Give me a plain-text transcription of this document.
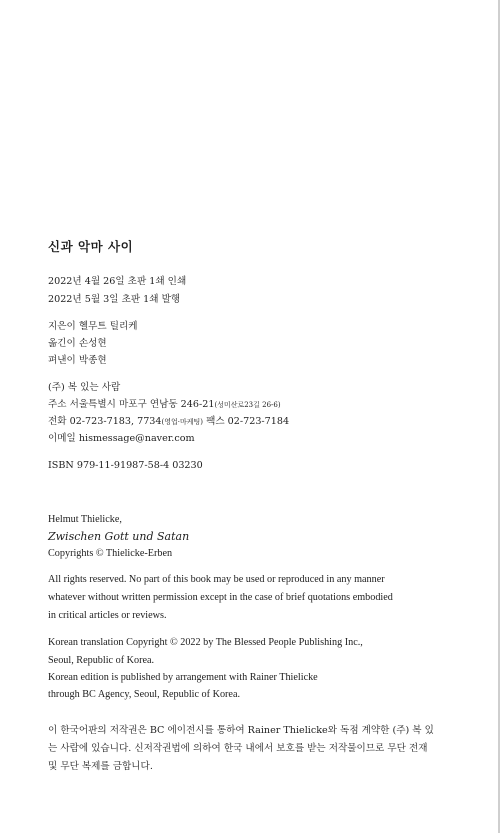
신과 악마 사이
2022년 4월 26일 초판 1쇄 인쇄
2022년 5월 3일 초판 1쇄 발행
지은이 헬무트 틸리케
옮긴이 손성현
펴낸이 박종현
(주) 복 있는 사람
주소 서울특별시 마포구 연남동 246-21(성미산로23길 26-6)
전화 02-723-7183, 7734(영업·마케팅) 팩스 02-723-7184
이메일 hismessage@naver.com
ISBN 979-11-91987-58-4 03230
Helmut Thielicke,
Zwischen Gott und Satan
Copyrights © Thielicke-Erben
All rights reserved. No part of this book may be used or reproduced in any manner
whatever without written permission except in the case of brief quotations embodied
in critical articles or reviews.
Korean translation Copyright © 2022 by The Blessed People Publishing Inc.,
Seoul, Republic of Korea.
Korean edition is published by arrangement with Rainer Thielicke
through BC Agency, Seoul, Republic of Korea.
이 한국어판의 저작권은 BC 에이전시를 통하여 Rainer Thielicke와 독점 계약한 (주) 복 있
는 사람에 있습니다. 신저작권법에 의하여 한국 내에서 보호를 받는 저작물이므로 무단 전재
및 무단 복제를 금합니다.
